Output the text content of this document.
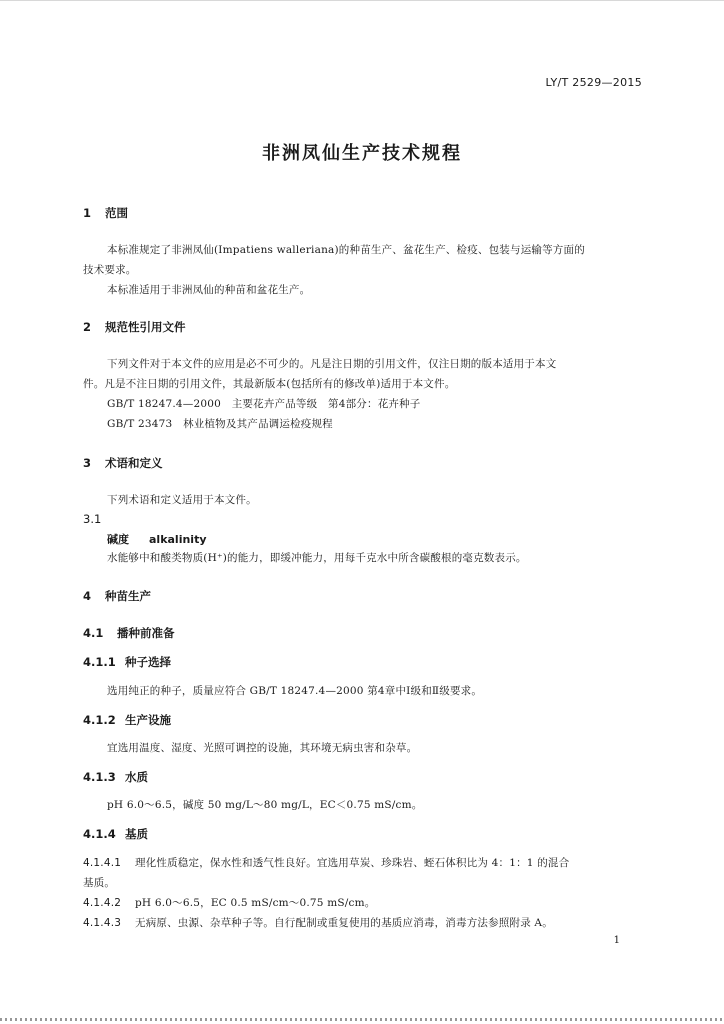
LY/T 2529—2015
非洲凤仙生产技术规程
1 范围
本标准规定了非洲凤仙(Impatiens walleriana)的种苗生产、盆花生产、检疫、包装与运输等方面的
技术要求。
本标准适用于非洲凤仙的种苗和盆花生产。
2 规范性引用文件
下列文件对于本文件的应用是必不可少的。凡是注日期的引用文件，仅注日期的版本适用于本文
件。凡是不注日期的引用文件，其最新版本(包括所有的修改单)适用于本文件。
GB/T 18247.4—2000　主要花卉产品等级　第4部分：花卉种子
GB/T 23473　林业植物及其产品调运检疫规程
3 术语和定义
下列术语和定义适用于本文件。
3.1
碱度 alkalinity
水能够中和酸类物质(H⁺)的能力，即缓冲能力，用每千克水中所含碳酸根的毫克数表示。
4 种苗生产
4.1 播种前准备
4.1.1 种子选择
选用纯正的种子，质量应符合 GB/T 18247.4—2000 第4章中Ⅰ级和Ⅱ级要求。
4.1.2 生产设施
宜选用温度、湿度、光照可调控的设施，其环境无病虫害和杂草。
4.1.3 水质
pH 6.0～6.5，碱度 50 mg/L～80 mg/L，EC＜0.75 mS/cm。
4.1.4 基质
4.1.4.1 理化性质稳定，保水性和透气性良好。宜选用草炭、珍珠岩、蛭石体积比为 4：1：1 的混合
基质。
4.1.4.2 pH 6.0～6.5，EC 0.5 mS/cm～0.75 mS/cm。
4.1.4.3 无病原、虫源、杂草种子等。自行配制或重复使用的基质应消毒，消毒方法参照附录 A。
1
